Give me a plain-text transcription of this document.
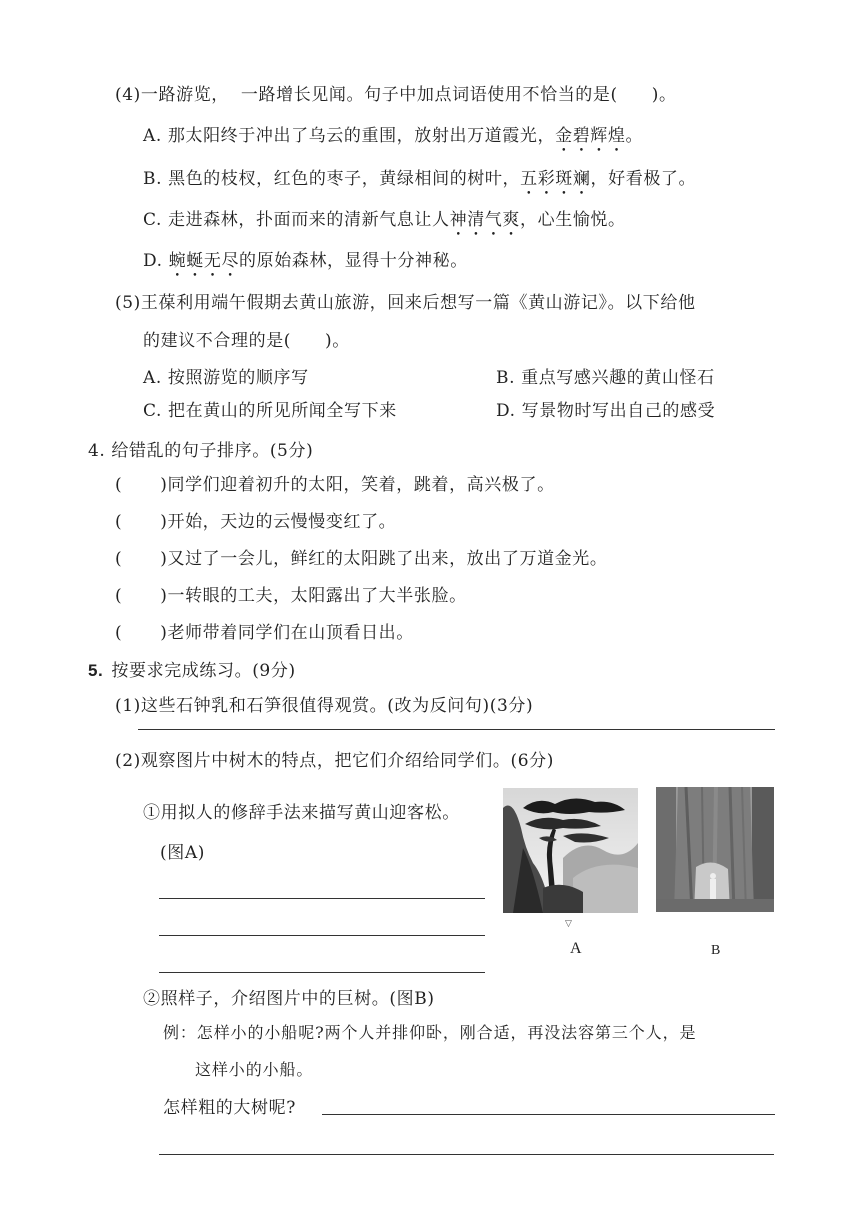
(4)一路游览， 一路增长见闻。句子中加点词语使用不恰当的是( )。
A. 那太阳终于冲出了乌云的重围，放射出万道霞光，金碧辉煌。
B. 黑色的枝杈，红色的枣子，黄绿相间的树叶，五彩斑斓，好看极了。
C. 走进森林，扑面而来的清新气息让人神清气爽，心生愉悦。
D. 蜿蜒无尽的原始森林，显得十分神秘。
(5)王葆利用端午假期去黄山旅游，回来后想写一篇《黄山游记》。以下给他
的建议不合理的是( )。
A. 按照游览的顺序写	B. 重点写感兴趣的黄山怪石
C. 把在黄山的所见所闻全写下来	D. 写景物时写出自己的感受
4. 给错乱的句子排序。(5分)
( )同学们迎着初升的太阳，笑着，跳着，高兴极了。
( )开始，天边的云慢慢变红了。
( )又过了一会儿，鲜红的太阳跳了出来，放出了万道金光。
( )一转眼的工夫，太阳露出了大半张脸。
( )老师带着同学们在山顶看日出。
5. 按要求完成练习。(9分)
(1)这些石钟乳和石笋很值得观赏。(改为反问句)(3分)
(2)观察图片中树木的特点，把它们介绍给同学们。(6分)
①用拟人的修辞手法来描写黄山迎客松。
(图A)
▽
A	B
②照样子，介绍图片中的巨树。(图B)
例：怎样小的小船呢?两个人并排仰卧，刚合适，再没法容第三个人，是
这样小的小船。
怎样粗的大树呢?
